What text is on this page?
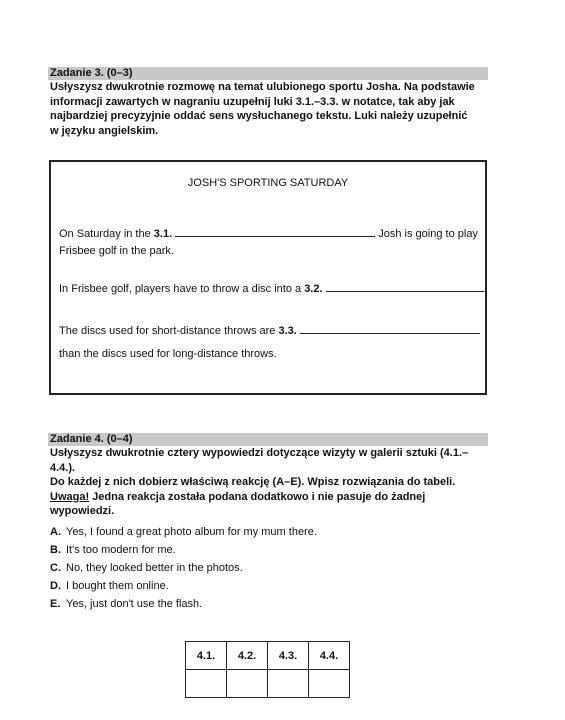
Zadanie 3. (0–3)

Usłyszysz dwukrotnie rozmowę na temat ulubionego sportu Josha. Na podstawie

informacji zawartych w nagraniu uzupełnij luki 3.1.–3.3. w notatce, tak aby jak

najbardziej precyzyjnie oddać sens wysłuchanego tekstu. Luki należy uzupełnić

w języku angielskim.

JOSH'S SPORTING SATURDAY
On Saturday in the 3.1.	Josh is going to play
Frisbee golf in the park.
In Frisbee golf, players have to throw a disc into a 3.2.	.
The discs used for short-distance throws are 3.3.
than the discs used for long-distance throws.
Zadanie 4. (0–4)

Usłyszysz dwukrotnie cztery wypowiedzi dotyczące wizyty w galerii sztuki (4.1.–4.4.).

Do każdej z nich dobierz właściwą reakcję (A–E). Wpisz rozwiązania do tabeli.

Uwaga! Jedna reakcja została podana dodatkowo i nie pasuje do żadnej wypowiedzi.

A. Yes, I found a great photo album for my mum there.
B. It's too modern for me.
C. No, they looked better in the photos.
D. I bought them online.
E. Yes, just don't use the flash.
4.1.	4.2.	4.3.	4.4.
